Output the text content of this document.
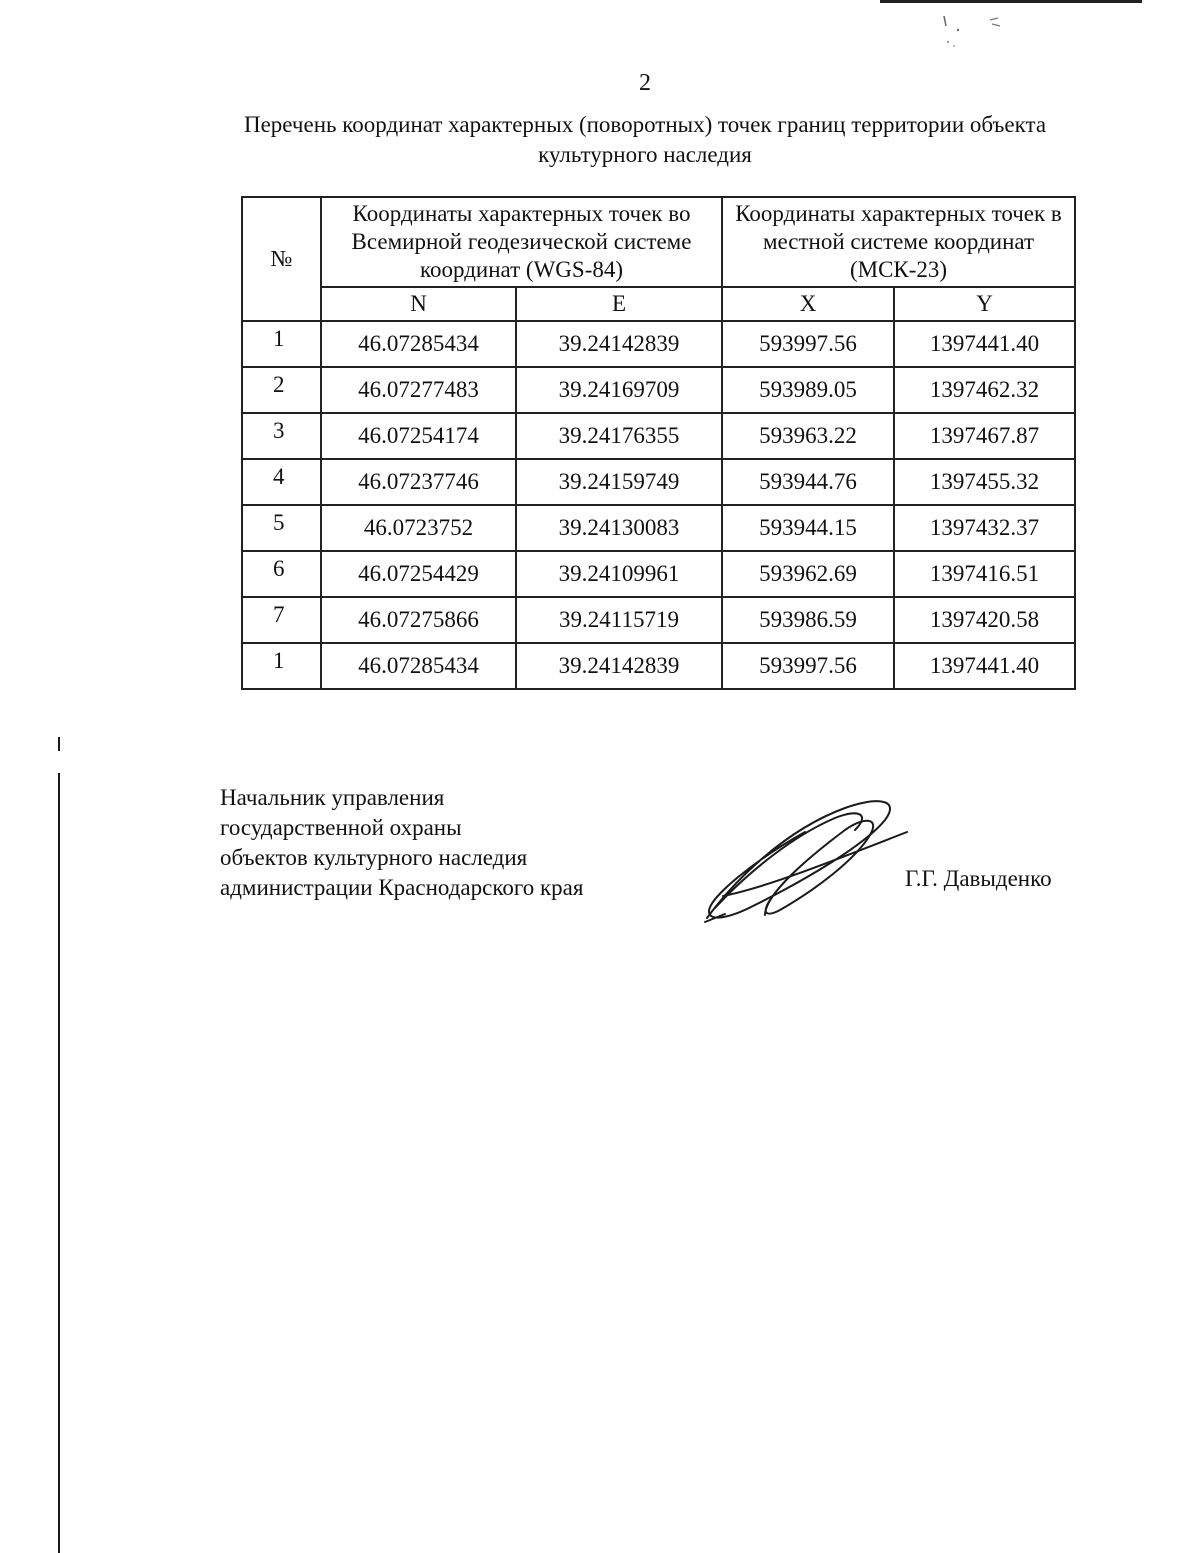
2
Перечень координат характерных (поворотных) точек границ территории объекта культурного наследия
№	Координаты характерных точек во Всемирной геодезической системе координат (WGS-84)		Координаты характерных точек в местной системе координат (МСК-23)	
	N	E	X	Y
1	46.07285434	39.24142839	593997.56	1397441.40
2	46.07277483	39.24169709	593989.05	1397462.32
3	46.07254174	39.24176355	593963.22	1397467.87
4	46.07237746	39.24159749	593944.76	1397455.32
5	46.0723752	39.24130083	593944.15	1397432.37
6	46.07254429	39.24109961	593962.69	1397416.51
7	46.07275866	39.24115719	593986.59	1397420.58
1	46.07285434	39.24142839	593997.56	1397441.40
Начальник управления
государственной охраны
объектов культурного наследия
администрации Краснодарского края	Г.Г. Давыденко
